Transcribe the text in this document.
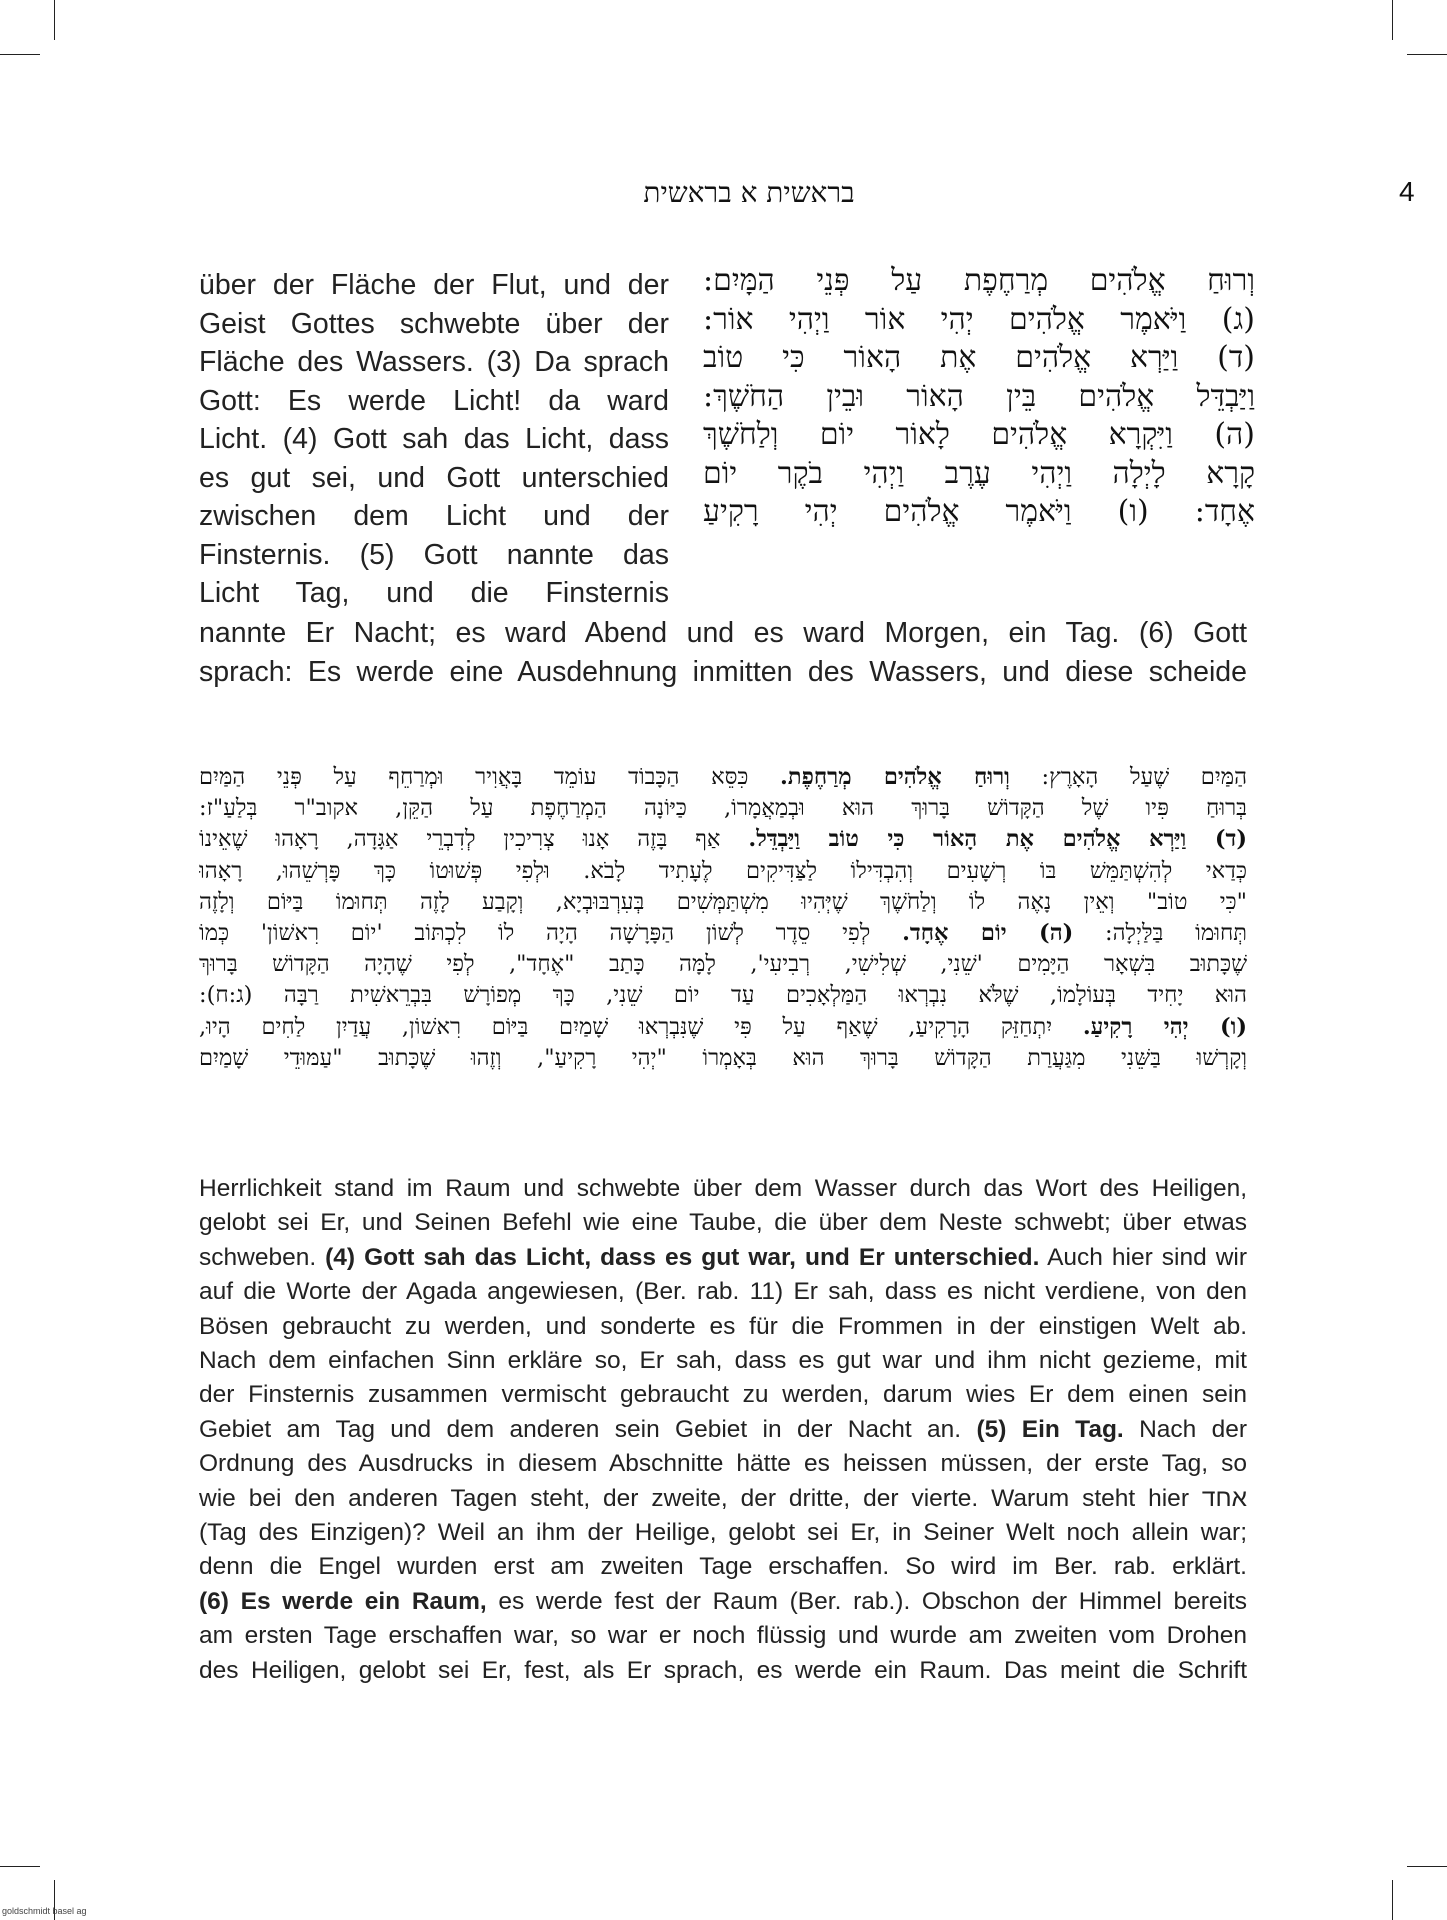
בראשית א בראשית	4
וְרוּחַ אֱלֹהִים מְרַחֶפֶת עַל פְּנֵי הַמָּיִם:
(ג) וַיֹּאמֶר אֱלֹהִים יְהִי אוֹר וַיְהִי אוֹר:
(ד) וַיַּרְא אֱלֹהִים אֶת הָאוֹר כִּי טוֹב
וַיַּבְדֵּל אֱלֹהִים בֵּין הָאוֹר וּבֵין הַחֹשֶׁךְ:
(ה) וַיִּקְרָא אֱלֹהִים לָאוֹר יוֹם וְלַחֹשֶׁךְ
קָרָא לָיְלָה וַיְהִי עֶרֶב וַיְהִי בֹקֶר יוֹם
אֶחָד: (ו) וַיֹּאמֶר אֱלֹהִים יְהִי רָקִיעַ
über der Fläche der Flut, und der
Geist Gottes schwebte über der
Fläche des Wassers. (3) Da sprach
Gott: Es werde Licht! da ward
Licht. (4) Gott sah das Licht, dass
es gut sei, und Gott unterschied
zwischen dem Licht und der
Finsternis. (5) Gott nannte das
Licht Tag, und die Finsternis
nannte Er Nacht; es ward Abend und es ward Morgen, ein Tag. (6) Gott
sprach: Es werde eine Ausdehnung inmitten des Wassers, und diese scheide
הַמַּיִם שֶׁעַל הָאָרֶץ: וְרוּחַ אֱלֹהִים מְרַחֶפֶת. כִּסֵּא הַכָּבוֹד עוֹמֵד בָּאֲוִיר וּמְרַחֵף עַל פְּנֵי הַמַּיִם
בְּרוּחַ פִּיו שֶׁל הַקָּדוֹשׁ בָּרוּךְ הוּא וּבְמַאֲמָרוֹ, כַּיּוֹנָה הַמְרַחֶפֶת עַל הַקֵּן, אקוב"ר בְּלַעַ"ז:
(ד) וַיַּרְא אֱלֹהִים אֶת הָאוֹר כִּי טוֹב וַיַּבְדֵּל. אַף בָּזֶה אָנוּ צְרִיכִין לְדִבְרֵי אַגָּדָה, רָאָהוּ שֶׁאֵינוֹ
כְּדַאי לְהִשְׁתַּמֵּשׁ בּוֹ רְשָׁעִים וְהִבְדִּילוֹ לַצַּדִּיקִים לֶעָתִיד לָבֹא. וּלְפִי פְּשׁוּטוֹ כָּךְ פָּרְשֵׁהוּ, רָאָהוּ
"כִּי טוֹב" וְאֵין נָאֶה לוֹ וְלַחֹשֶׁךְ שֶׁיְּהִיוּ מִשְׁתַּמְּשִׁים בְּעִרְבּוּבְיָא, וְקָבַע לָזֶה תְּחוּמוֹ בַּיּוֹם וְלָזֶה
תְּחוּמוֹ בַּלַּיְלָה: (ה) יוֹם אֶחָד. לְפִי סֵדֶר לְשׁוֹן הַפָּרָשָׁה הָיָה לוֹ לִכְתּוֹב 'יוֹם רִאשׁוֹן' כְּמוֹ
שֶׁכָּתוּב בִּשְׁאָר הַיָּמִים 'שֵׁנִי, שְׁלִישִׁי, רְבִיעִי', לָמָּה כָּתַב "אֶחָד", לְפִי שֶׁהָיָה הַקָּדוֹשׁ בָּרוּךְ
הוּא יָחִיד בְּעוֹלָמוֹ, שֶׁלֹּא נִבְרְאוּ הַמַּלְאָכִים עַד יוֹם שֵׁנִי, כָּךְ מְפוֹרָשׁ בִּבְרֵאשִׁית רַבָּה (ג:ח):
(ו) יְהִי רָקִיעַ. יִתְחַזֵּק הָרָקִיעַ, שֶׁאַף עַל פִּי שֶׁנִּבְרְאוּ שָׁמַיִם בַּיּוֹם רִאשׁוֹן, עֲדַיִן לַחִים הָיוּ,
וְקָרְשׁוּ בַּשֵּׁנִי מִגַּעֲרַת הַקָּדוֹשׁ בָּרוּךְ הוּא בְּאָמְרוֹ "יְהִי רָקִיעַ", וְזֶהוּ שֶׁכָּתוּב "עַמּוּדֵי שָׁמַיִם
Herrlichkeit stand im Raum und schwebte über dem Wasser durch das Wort des Heiligen,
gelobt sei Er, und Seinen Befehl wie eine Taube, die über dem Neste schwebt; über etwas
schweben. (4) Gott sah das Licht, dass es gut war, und Er unterschied. Auch hier sind wir
auf die Worte der Agada angewiesen, (Ber. rab. 11) Er sah, dass es nicht verdiene, von den
Bösen gebraucht zu werden, und sonderte es für die Frommen in der einstigen Welt ab.
Nach dem einfachen Sinn erkläre so, Er sah, dass es gut war und ihm nicht gezieme, mit
der Finsternis zusammen vermischt gebraucht zu werden, darum wies Er dem einen sein
Gebiet am Tag und dem anderen sein Gebiet in der Nacht an. (5) Ein Tag. Nach der
Ordnung des Ausdrucks in diesem Abschnitte hätte es heissen müssen, der erste Tag, so
wie bei den anderen Tagen steht, der zweite, der dritte, der vierte. Warum steht hier אחד
(Tag des Einzigen)? Weil an ihm der Heilige, gelobt sei Er, in Seiner Welt noch allein war;
denn die Engel wurden erst am zweiten Tage erschaffen. So wird im Ber. rab. erklärt.
(6) Es werde ein Raum, es werde fest der Raum (Ber. rab.). Obschon der Himmel bereits
am ersten Tage erschaffen war, so war er noch flüssig und wurde am zweiten vom Drohen
des Heiligen, gelobt sei Er, fest, als Er sprach, es werde ein Raum. Das meint die Schrift
goldschmidt basel ag
